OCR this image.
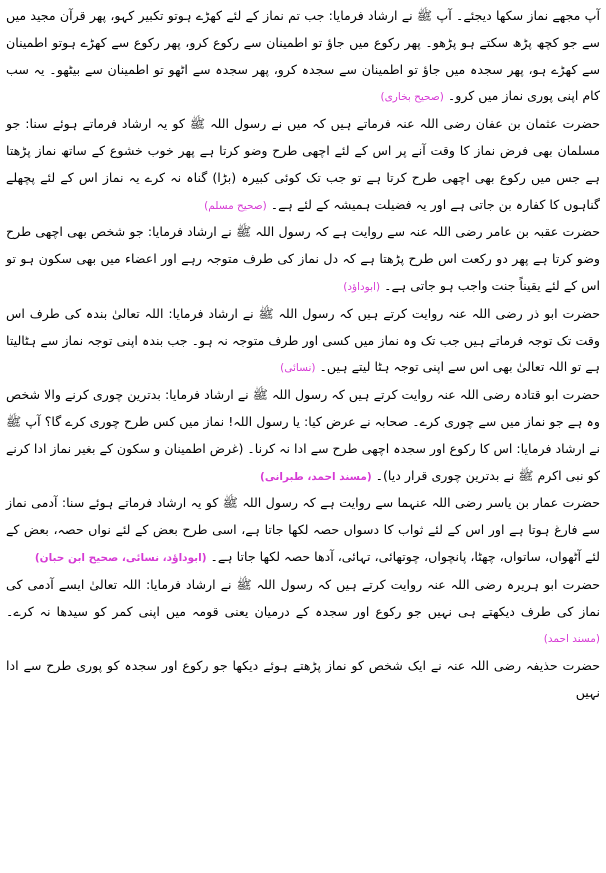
آپ مجھے نماز سکھا دیجئے۔ آپ ﷺ نے ارشاد فرمایا: جب تم نماز کے لئے کھڑے ہوتو تکبیر کہو، پھر قرآن مجید میں سے جو کچھ پڑھ سکتے ہو پڑھو۔ پھر رکوع میں جاؤ تو اطمینان سے رکوع کرو، پھر رکوع سے کھڑے ہوتو اطمینان سے کھڑے ہو، پھر سجدہ میں جاؤ تو اطمینان سے سجدہ کرو، پھر سجدہ سے اٹھو تو اطمینان سے بیٹھو۔ یہ سب کام اپنی پوری نماز میں کرو۔ (صحیح بخاری)

حضرت عثمان بن عفان رضی اللہ عنہ فرماتے ہیں کہ میں نے رسول اللہ ﷺ کو یہ ارشاد فرماتے ہوئے سنا: جو مسلمان بھی فرض نماز کا وقت آنے پر اس کے لئے اچھی طرح وضو کرتا ہے پھر خوب خشوع کے ساتھ نماز پڑھتا ہے جس میں رکوع بھی اچھی طرح کرتا ہے تو جب تک کوئی کبیرہ (بڑا) گناہ نہ کرے یہ نماز اس کے لئے پچھلے گناہوں کا کفارہ بن جاتی ہے اور یہ فضیلت ہمیشہ کے لئے ہے۔ (صحیح مسلم)

حضرت عقبہ بن عامر رضی اللہ عنہ سے روایت ہے کہ رسول اللہ ﷺ نے ارشاد فرمایا: جو شخص بھی اچھی طرح وضو کرتا ہے پھر دو رکعت اس طرح پڑھتا ہے کہ دل نماز کی طرف متوجہ رہے اور اعضاء میں بھی سکون ہو تو اس کے لئے یقیناً جنت واجب ہو جاتی ہے۔ (ابوداؤد)

حضرت ابو ذر رضی اللہ عنہ روایت کرتے ہیں کہ رسول اللہ ﷺ نے ارشاد فرمایا: اللہ تعالیٰ بندہ کی طرف اس وقت تک توجہ فرماتے ہیں جب تک وہ نماز میں کسی اور طرف متوجہ نہ ہو۔ جب بندہ اپنی توجہ نماز سے ہٹالیتا ہے تو اللہ تعالیٰ بھی اس سے اپنی توجہ ہٹا لیتے ہیں۔ (نسائی)

حضرت ابو قتادہ رضی اللہ عنہ روایت کرتے ہیں کہ رسول اللہ ﷺ نے ارشاد فرمایا: بدترین چوری کرنے والا شخص وہ ہے جو نماز میں سے چوری کرے۔ صحابہ نے عرض کیا: یا رسول اللہ! نماز میں کس طرح چوری کرے گا؟ آپ ﷺ نے ارشاد فرمایا: اس کا رکوع اور سجدہ اچھی طرح سے ادا نہ کرنا۔ (غرض اطمینان و سکون کے بغیر نماز ادا کرنے کو نبی اکرم ﷺ نے بدترین چوری قرار دیا)۔ (مسند احمد، طبرانی)

حضرت عمار بن یاسر رضی اللہ عنہما سے روایت ہے کہ رسول اللہ ﷺ کو یہ ارشاد فرماتے ہوئے سنا: آدمی نماز سے فارغ ہوتا ہے اور اس کے لئے ثواب کا دسواں حصہ لکھا جاتا ہے، اسی طرح بعض کے لئے نواں حصہ، بعض کے لئے آٹھواں، ساتواں، چھٹا، پانچواں، چوتھائی، تہائی، آدھا حصہ لکھا جاتا ہے۔ (ابوداؤد، نسائی، صحیح ابن حبان)

حضرت ابو ہریرہ رضی اللہ عنہ روایت کرتے ہیں کہ رسول اللہ ﷺ نے ارشاد فرمایا: اللہ تعالیٰ ایسے آدمی کی نماز کی طرف دیکھتے ہی نہیں جو رکوع اور سجدہ کے درمیان یعنی قومہ میں اپنی کمر کو سیدھا نہ کرے۔ (مسند احمد)

حضرت حذیفہ رضی اللہ عنہ نے ایک شخص کو نماز پڑھتے ہوئے دیکھا جو رکوع اور سجدہ کو پوری طرح سے ادا نہیں
